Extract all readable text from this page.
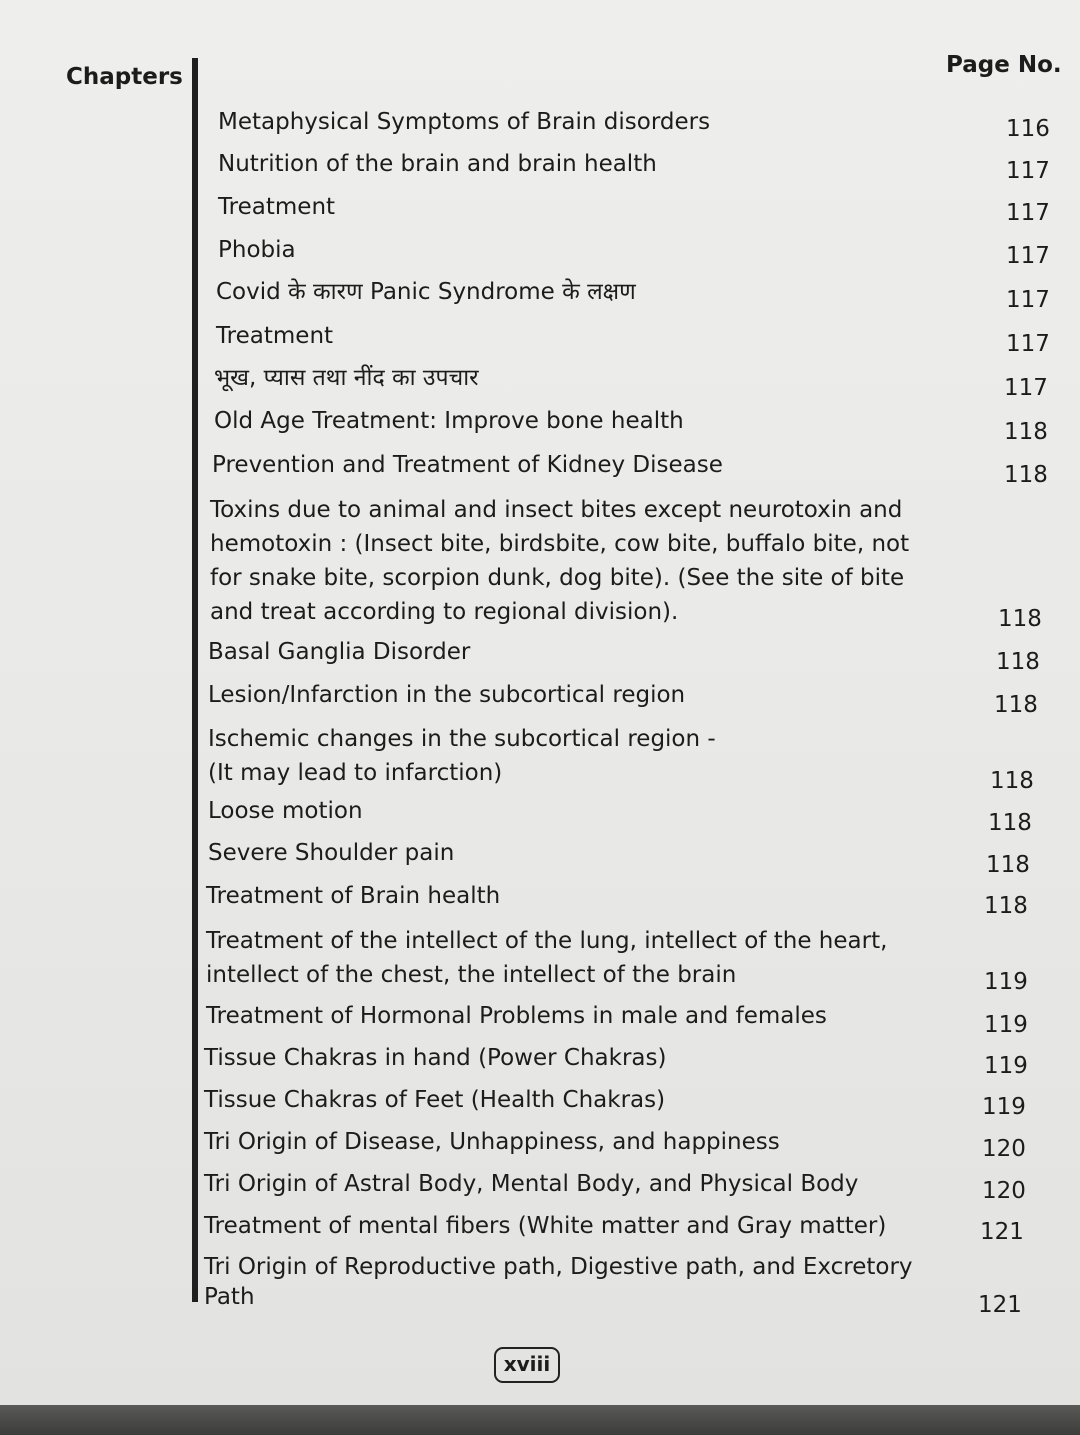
Chapters	Page No.
Metaphysical Symptoms of Brain disorders	116
Nutrition of the brain and brain health	117
Treatment	117
Phobia	117
Covid के कारण Panic Syndrome के लक्षण	117
Treatment	117
भूख, प्यास तथा नींद का उपचार	117
Old Age Treatment: Improve bone health	118
Prevention and Treatment of Kidney Disease	118
Toxins due to animal and insect bites except neurotoxin and
hemotoxin : (Insect bite, birdsbite, cow bite, buffalo bite, not
for snake bite, scorpion dunk, dog bite). (See the site of bite
and treat according to regional division).	118
Basal Ganglia Disorder	118
Lesion/Infarction in the subcortical region	118
Ischemic changes in the subcortical region -
(It may lead to infarction)	118
Loose motion	118
Severe Shoulder pain	118
Treatment of Brain health	118
Treatment of the intellect of the lung, intellect of the heart,
intellect of the chest, the intellect of the brain	119
Treatment of Hormonal Problems in male and females	119
Tissue Chakras in hand (Power Chakras)	119
Tissue Chakras of Feet (Health Chakras)	119
Tri Origin of Disease, Unhappiness, and happiness	120
Tri Origin of Astral Body, Mental Body, and Physical Body	120
Treatment of mental fibers (White matter and Gray matter)	121
Tri Origin of Reproductive path, Digestive path, and Excretory
Path	121
xviii
